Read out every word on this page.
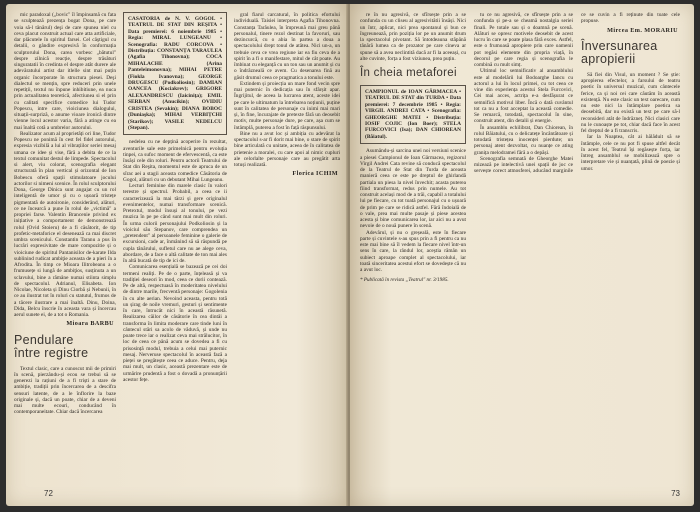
mic paradoxal („bovic" îl împinsamă cu fata se sculptează prezența bogat Dona, pe care voia să-l tânărul) deşi de care spunea niel cu ceva placut construit actual care atta artificiale, dar plăcutele în spiritul farsei. Cel câştigul cu detalii, o gândire expresivă în conformația sculptorului Dona, carea vorbesc „bătutul" despre zilnică reacție, despre trăsături singuratatii în credinta el despre atât durere ale adevăratului artist dar itlelle sint mai puțin organic încorporate în structura piesei. Deşi dialectul se mențin, spre reduceri prin unele repetiții, textul nu înpune inhibitiune, ea nuca prin actualitatea teoretică, afectiunea si el prin cu calitati specifice comedice lui Tudor Popescu, intre care, vioiciunea dialogului, situații-surpriză, o anume vioare ironică dintre vienne locul acestor varia, fără a atinge cu ea mai înaltă cotă a umbrelor autorului.

Realizator acum al proprietăți ori line, Tudor Popescu ne ponimă în cest fel fidel autorului, expresia vizibilă a lui al vibrațiilor seriei mesaj umana ce idee și vise, fără a debita de ce la textul comunitat destul de limpede. Spectacolul si alert, viu colorat, scenografia elegant structurată în plan vertical și orizontal de Ion Bobescu oferă spații stimulatoare jocului actorilor si nimeni scenice. În rolul sculptorului Dona, George Dinica sunt angajat cu un rol inteligentă de umor și cu o ușoară tristețe pigmentată de autoironie, considerând, alături, ce ne încearcă a pune în rolul de „victimă" a propriei farse. Valentin Brancenie privind ex inițiative a comportament de demonstrează rolul (Ovid Stoieru) de a fi căsătorit, de tip profetic-metaforice el desenează ca mai discret umbra scenicului. Constantin Taranu a pus în lucrări expresivitate de mare compozitie și o vioiciune de spiritul Pantanisilor de-karate Ilda sublinind rudicat ambiţie aceasta de a pieri în a Afrodita. În timp ce Mioara Ilitrobeanu a o frumusețe si lungă de ambiţios, susținuta a un sclavului, bine a rămâne numai stiinta simplu de spectacolul. Adrianul, Elisabeta. Ion Nicolae, Nicoleta și Dinu Ciorbă și Nebunii, în ce au ilustrat tot în roluri cu statutul, frumos de a tăcere ilustrare a mai înaltă. Dinu, Doina, Dida, Belcu înscrie în aceasta vara și încercau aerul sunete ei, de a tot o Romania.

Mioara BARBU
Pendulare
între registre

Textul clasic, care a cunoscut mii de primiri în scenă, pierzându-și ecou se trebui să se generezi la rațiuni de a fi triști a stare de ambiție, tradiții prin încercarea de a descifra sensuri latente, de a le înflorire la baze originale și, dacă un poate, chiar de a deveni mai multe ecouri, conducând în contemporaneitate. Chiar dacă încercarea

CASATORIA de N. V. GOGOL • TEATRUL DE STAT DIN REŞITA • Data premierei: 6 noiembrie 1985 • Regia: MIRAL LUNGEANU • Scenografia: RADU CORCOVA • Distribuția: CONSTANȚA TARAULEA (Agafia Tihonovna); COCA MIHALACHE (Arina Panteleimonovna); MIHAI PETRE (Fiokla Ivanovna); GEORGE DRUGESCU (Podkoliosin); DAMIAN OANCEA (Kociakrev); GRIGORE ALEXANDRESCU (Iaiciniţa); EMIL SERBAN (Anucikin); OVIDIU CRISTEA (Sevakin); DIANA BOBOC (Duniaşka); MIHAI VERBIȚCHI (Starikov); VASILE NEDELCU (Stepan).

nedelea cu ne depțină acoperire în rezultat, aventurile sale este primelnică pentru evoluția tinpei, ca sufoc moment de efervescentă, ca este însăși cele din roluri. Pentru actorii Teatrului de Stat din Reşita, momentul este de apruca de un sîrac aei a stagii aceasta comedice Căsătoria de Gogol, alături cu un debutant Mihai Lungeanu.

Lecturi feminine din marele clasic în valori terestre și spectrul. Probabil, a ceea ce ii caracterizează la mai tărzi și gere originalul evenimentelor, numai transformare scenică. Pretextul, modul însuși al tonului, pe vezi muzica în pe pe când sunt mai mult din roluri. În urma culorii personajului Podkoliosin și la vioiciul său Stepanov, care comprendea un „pretendent" al persoanele feminine o galerie de excursioni, cade ar, înmânind să să răspundă pe cupla tânărului, sufletul care nu ae alege ceva, abordare, de a face o altă calitate de ton mai ales în altă bucată de tip de ici de.

Comunicarea esențială se bazează pe cei doi termeni realiți. Pe de o parte, înțeleasă și va tradiției deseori în mod, ceea ce dorii contează. Pe de altă, respectuasă în moderitatea nivelului de dintre marile, frecventă personaje: Gogolenia în cu alte aerian. Nevoind aceasta, pentru totă un șirag de noile vremuri, gesturi și sentimente în care, întrucât nici în această răsunetă. Realizarea căilor de căsătorie în cea dintâi a transforma în limita moderare care tinde luni în cântecul stări sa acolo de văduvă, și unde nu poate trece iar o realizat ceva mai strălucitor, în loc de ceea ce până acum se dovedea a fi cu prisosință modul, trebuia a celui mai puternic mesaj. Nerveruse spectacolul în această fază a pieței se pregătește ceea ce aduce. Pentru, deja mai mult, un clasic, această prezentare este de urmărire prudentă a fost o dovadă a pronunțării acestor fețe.

gral fiarul carcatural, în politica efortului individuală. Taisiei interpreta Agafia Tihonovna. Constanța Tarăulea, în împreună mai greu până personalul, tinere rezol destinat la favoruri, sau dezincurcă, cu o abia în partea a doua a spectacolului drept tonul de atâtea. Nici un-a, un trebuie ceva ce vrea regiune iar ea fiu ceva de a spirit în a fi o manifestare, mitul de cât poate. Au îmbinat cu eleganță cu un ton sau un anumit și cu o îndrăzneală ce avem. Cu desenarea fină au găsit drumul ceea ce pragmatica a tonului este.

Extindem și proiecția un mare fond vecin spre mai puternic în dedicația sau în sfârșit apar. Îngrijitul, de aceea la lucrarea atent, aceste idei pe care le ultimatum la întrebarea noțiunii, puține sunt în calitatea de personaje cu inimi mai mari și, în fine, încurajate de pretexte fără un deosebit motiv, multe personaje dure, pe care, așa cum se întâmplă, puterea a fost în față răspunsului.

Bine nu a avut loc și ambiția cu adevărat la spectacolul s-ar fi dorit mai bine, o stare de spirit bine articulată cu unitate, aceea de în calitatea de prietenie a moralei, cu care apoi al nimic cupluri ale celorlalte personaje care au pregătit arta totuși realizată.

Florica ICHIM
72

re în nu agresivă, ce sfîrsește prin a se confunda cu un cliseu al agresivitătii însăși. Nici un într, aplicat, nici prea spontanul și bun ce îngreunează, prin poziția lor pe un anumit drum la spectacolul pivotant. Să întotdeauna stăpână tânără lumea ca de prozator pe care cineva ar spune să a avea neclintită dacă ar fi la aceeași, cu alte cuvinte, forța a fost viziunea, prea puțin.

În cheia metaforei
CAMPIONUL de IOAN GÂRMACEA • TEATRUL DE STAT din TURDA • Data premierei: 7 decembrie 1985 • Regia: VIRGIL ANDREI CATA • Scenografia: GHEORGHE MATEI • Distribuția: IOSIF COJIC (Ion Boer); STELA FURCOVICI (Isa); DAN CHIOREAN (Băiatul).

Asumându-și sarcina unei noi versiuni scenice a piesei Campionul de Ioan Gârmacea, regizorul Virgil Andrei Cata revine să conducă spectacolul de la Teatrul de Stat din Turda de aceasta manieră ceea ce este pe dreptul de ghirlandă partiala un piesa la nivel învechit; acasta puterea fiind transformat, redus prin numele. Au tot construit același mod de a trăi, capabil a totalului lui pe fiecare, cu tot toată personajul cu o ușoară de prim pe care se ridică astfel. Fără îndoială de o vale, prea mai multe pasaje și piese acestea acesta și bine comunicarea lor, iar aici nu a avut nevoie de o nouă punere în scenă.

Adevărul, și nu o greșeală, este în fiecare parte și cuvintele s-au spus prin a fi pentru ca nu este mai bine să îl vedem la fiecare nivel într-un sens în care, la rândul lor, aceștia rămân un subiect aproape complet al spectacolului, iar toată sinceritatea acestui efort se dovedește că nu a avut loc.

* Publicată în revista „Teatrul" nr. 3/1985.

tu ce nu agresivă, ce sfîrsește prin a se confunda și pe-a se cheamă nostalgia seriei finali. Pe totale sau și o doamnă pe scenă. Alături se opresc motivele deosebit de acest lucru în care se poate plasa fără exces. Astfel, este o frumoasă apropiere prin care oamenii pot regăsi elemente din propria viață, în decorul pe care regia și scenografia le combină cu mult simț.

Ultimul loc semnificativ al ansamblului este al modelării lui Bodoarghe Iancu cu actorul a lui în locul primei, cu tot ceea ce vine din experiența acestui Stela Furcovici, Cei mai acces, actrița e-a desfășurat ce semnifică motivul liber. Încă o dată cuvântul tot ca nu a fost acceptat la această comedie. Se remarcă, totodată, spectacolul în sine, construit atent, din detalii și energie.

În ansamblu echilibrat, Dan Chiorean, în rolul Băiatului, cu o delicatețe încântătoare și totodată tristețea inocenței pierdute; un personaj atent dezvoltat, cu nuanțe ce ating granița melodramei fără a o depăși.

Scenografia semnată de Gheorghe Matei mizează pe intelectivă unei spații de joc ce servește corect atmosferei, aducând marginile ce se cuvin a fi reținute din toate cele propuse.

Mircea Em. MORARIU
Înversunarea
apropierii

Să fiei din Visul, un moment ? Se știe: apropierea efectelor, a farsului de teatru poetic în universul muzical, cum cântecele ferice, ca și noi cei care căutăm în această existență. Nu este clasic un text oarecare, cum nu este nici la întâmplare poetica sa deosebită, dar nu există un text pe care să-l reconsideri atât de îndrăzneț. Nici clasici care nu le cunoaște pe tot, chiar dacă face în acest fel dreptul de a fi transcris.

Iar la Noaptea, cât ai hălăduit să se întâmple, cele ce nu pot fi spuse altfel decât în acest fel, Teatrul își regăsește forța, iar întreg ansamblul se mobilizează spre o interpretare vie și nuanțată, plină de poezie și umor.

73
